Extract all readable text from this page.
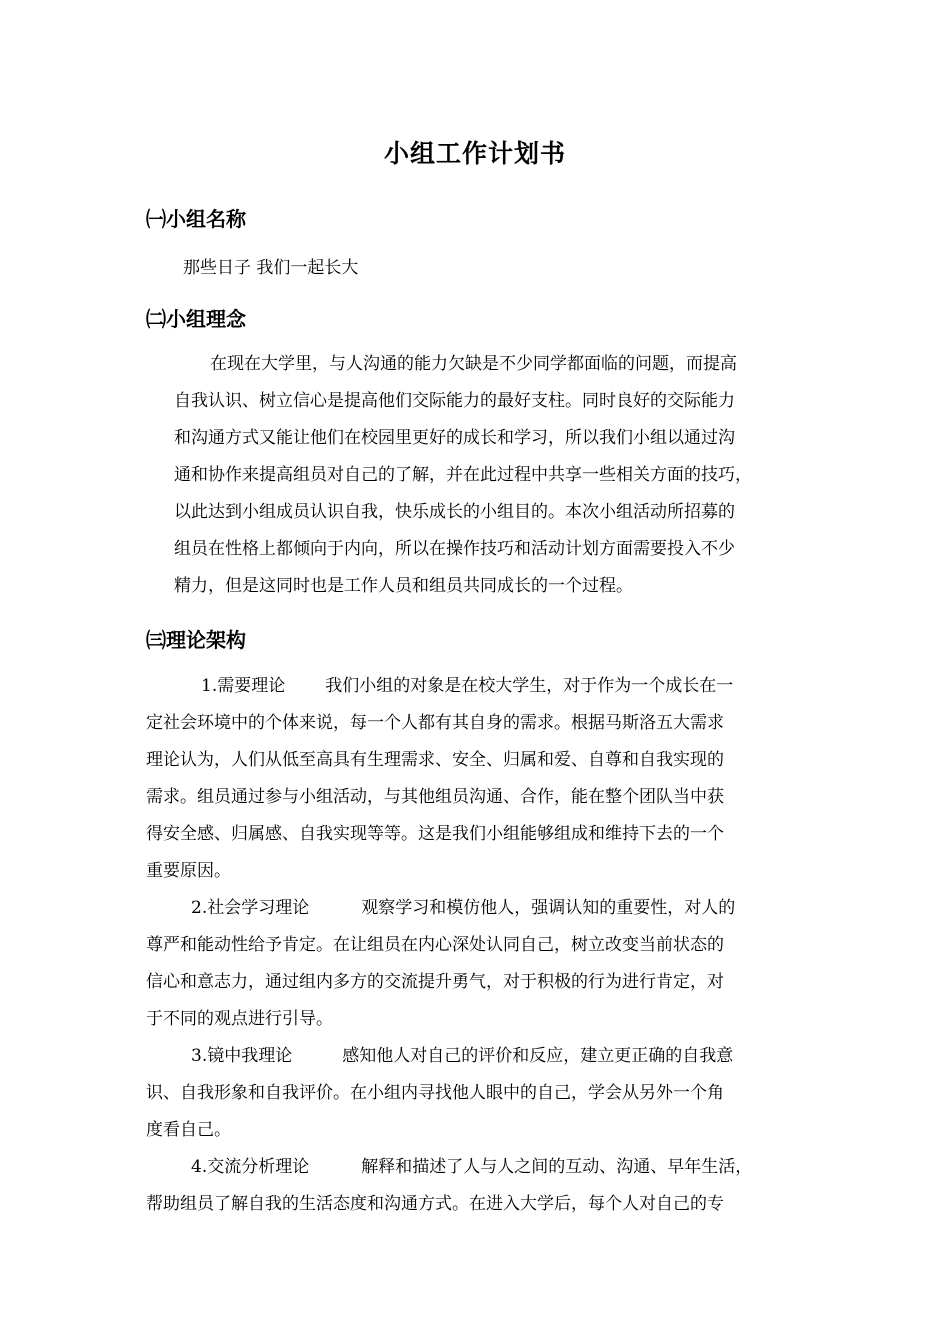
小组工作计划书
㈠小组名称

那些日子 我们一起长大

㈡小组理念

在现在大学里，与人沟通的能力欠缺是不少同学都面临的问题，而提高
自我认识、树立信心是提高他们交际能力的最好支柱。同时良好的交际能力
和沟通方式又能让他们在校园里更好的成长和学习，所以我们小组以通过沟
通和协作来提高组员对自己的了解，并在此过程中共享一些相关方面的技巧，
以此达到小组成员认识自我，快乐成长的小组目的。本次小组活动所招募的
组员在性格上都倾向于内向，所以在操作技巧和活动计划方面需要投入不少
精力，但是这同时也是工作人员和组员共同成长的一个过程。

㈢理论架构

1.需要理论 我们小组的对象是在校大学生，对于作为一个成长在一
定社会环境中的个体来说，每一个人都有其自身的需求。根据马斯洛五大需求
理论认为，人们从低至高具有生理需求、安全、归属和爱、自尊和自我实现的
需求。组员通过参与小组活动，与其他组员沟通、合作，能在整个团队当中获
得安全感、归属感、自我实现等等。这是我们小组能够组成和维持下去的一个
重要原因。

2.社会学习理论	观察学习和模仿他人，强调认知的重要性，对人的
尊严和能动性给予肯定。在让组员在内心深处认同自己，树立改变当前状态的
信心和意志力，通过组内多方的交流提升勇气，对于积极的行为进行肯定，对
于不同的观点进行引导。

3.镜中我理论	感知他人对自己的评价和反应，建立更正确的自我意
识、自我形象和自我评价。在小组内寻找他人眼中的自己，学会从另外一个角
度看自己。

4.交流分析理论	解释和描述了人与人之间的互动、沟通、早年生活，
帮助组员了解自我的生活态度和沟通方式。在进入大学后，每个人对自己的专
